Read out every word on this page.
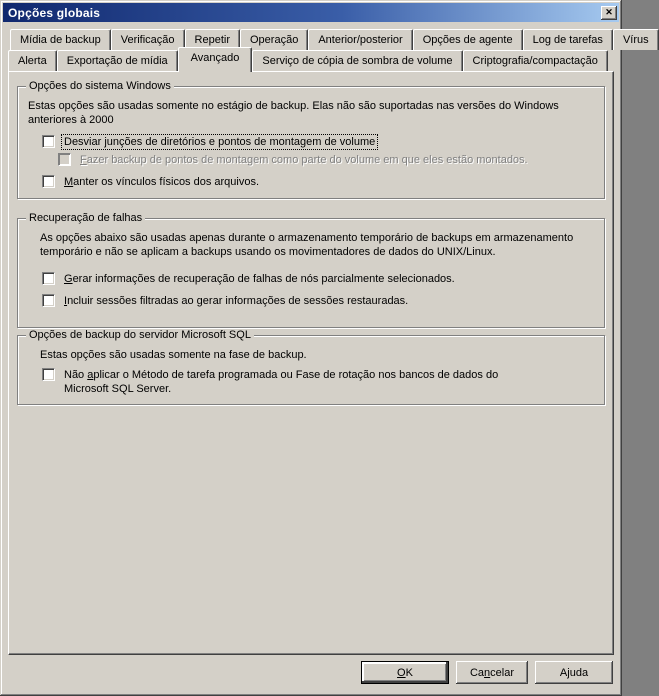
Opções globais	✕
Mídia de backup Verificação Repetir Operação Anterior/posterior Opções de agente Log de tarefas Vírus
Alerta Exportação de mídia Avançado Serviço de cópia de sombra de volume Criptografia/compactação
Opções do sistema Windows
Estas opções são usadas somente no estágio de backup. Elas não são suportadas nas versões do Windows anteriores à 2000
Desviar junções de diretórios e pontos de montagem de volume
Fazer backup de pontos de montagem como parte do volume em que eles estão montados.
Manter os vínculos físicos dos arquivos.
Recuperação de falhas
As opções abaixo são usadas apenas durante o armazenamento temporário de backups em armazenamento temporário e não se aplicam a backups usando os movimentadores de dados do UNIX/Linux.
Gerar informações de recuperação de falhas de nós parcialmente selecionados.
Incluir sessões filtradas ao gerar informações de sessões restauradas.
Opções de backup do servidor Microsoft SQL
Estas opções são usadas somente na fase de backup.
Não aplicar o Método de tarefa programada ou Fase de rotação nos bancos de dados do Microsoft SQL Server.
OK	Cancelar	Ajuda
